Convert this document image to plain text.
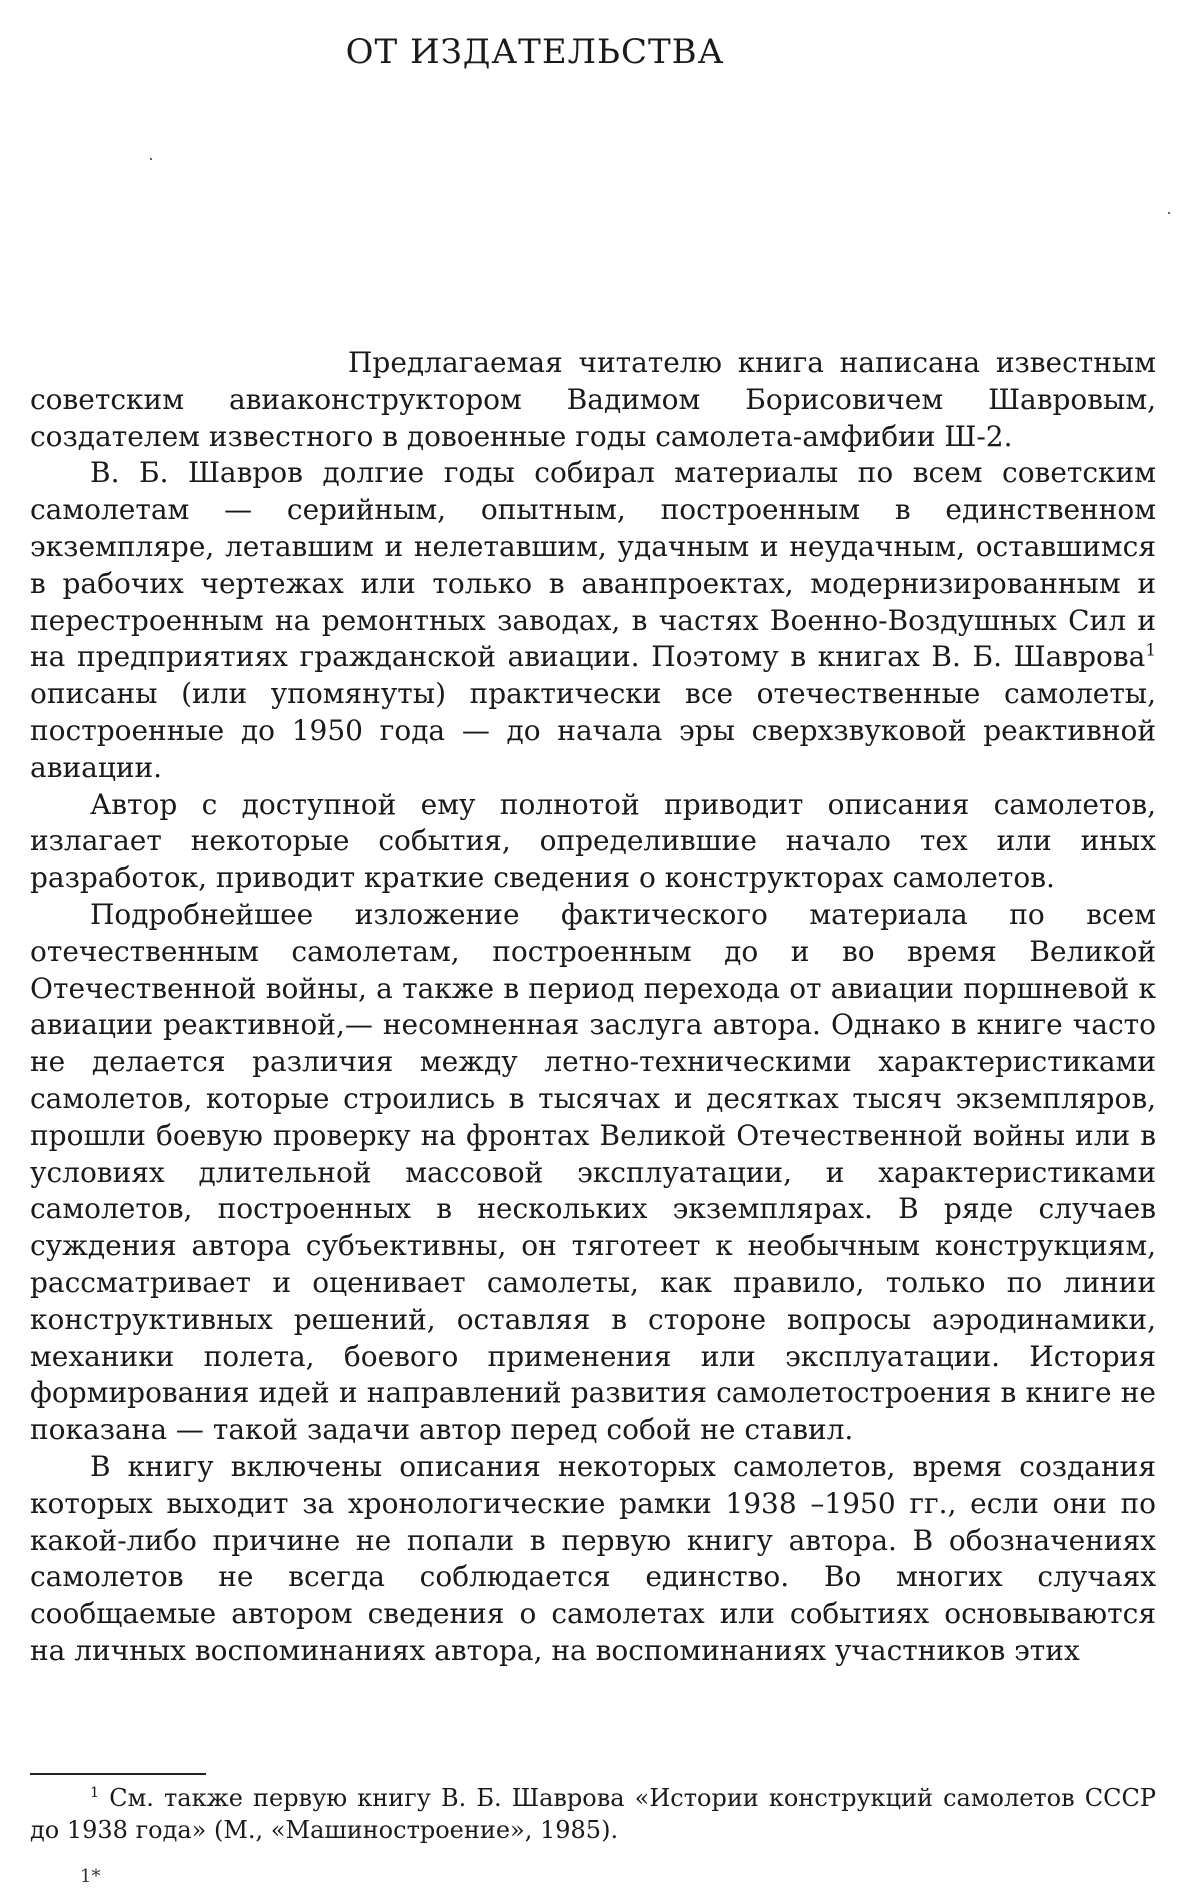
ОТ ИЗДАТЕЛЬСТВА

Предлагаемая читателю книга написана известным советским авиаконструктором Вадимом Борисовичем Шавровым, создателем известного в довоенные годы самолета-амфибии Ш-2.

В. Б. Шавров долгие годы собирал материалы по всем советским самолетам — серийным, опытным, построенным в единственном экземпляре, летавшим и нелетавшим, удачным и неудачным, оставшимся в рабочих чертежах или только в аванпроектах, модернизированным и перестроенным на ремонтных заводах, в частях Военно-Воздушных Сил и на предприятиях гражданской авиации. Поэтому в книгах В. Б. Шаврова$^1$ описаны (или упомянуты) практически все отечественные самолеты, построенные до 1950 года — до начала эры сверхзвуковой реактивной авиации.

Автор с доступной ему полнотой приводит описания самолетов, излагает некоторые события, определившие начало тех или иных разработок, приводит краткие сведения о конструкторах самолетов.

Подробнейшее изложение фактического материала по всем отечественным самолетам, построенным до и во время Великой Отечественной войны, а также в период перехода от авиации поршневой к авиации реактивной,— несомненная заслуга автора. Однако в книге часто не делается различия между летно-техническими характеристиками самолетов, которые строились в тысячах и десятках тысяч экземпляров, прошли боевую проверку на фронтах Великой Отечественной войны или в условиях длительной массовой эксплуатации, и характеристиками самолетов, построенных в нескольких экземплярах. В ряде случаев суждения автора субъективны, он тяготеет к необычным конструкциям, рассматривает и оценивает самолеты, как правило, только по линии конструктивных решений, оставляя в стороне вопросы аэродинамики, механики полета, боевого применения или эксплуатации. История формирования идей и направлений развития самолетостроения в книге не показана — такой задачи автор перед собой не ставил.

В книгу включены описания некоторых самолетов, время создания которых выходит за хронологические рамки 1938 –1950 гг., если они по какой-либо причине не попали в первую книгу автора. В обозначениях самолетов не всегда соблюдается единство. Во многих случаях сообщаемые автором сведения о самолетах или событиях основываются на личных воспоминаниях автора, на воспоминаниях участников этих

$^1$ См. также первую книгу В. Б. Шаврова «Истории конструкций самолетов СССР до 1938 года» (М., «Машиностроение», 1985).

1*
